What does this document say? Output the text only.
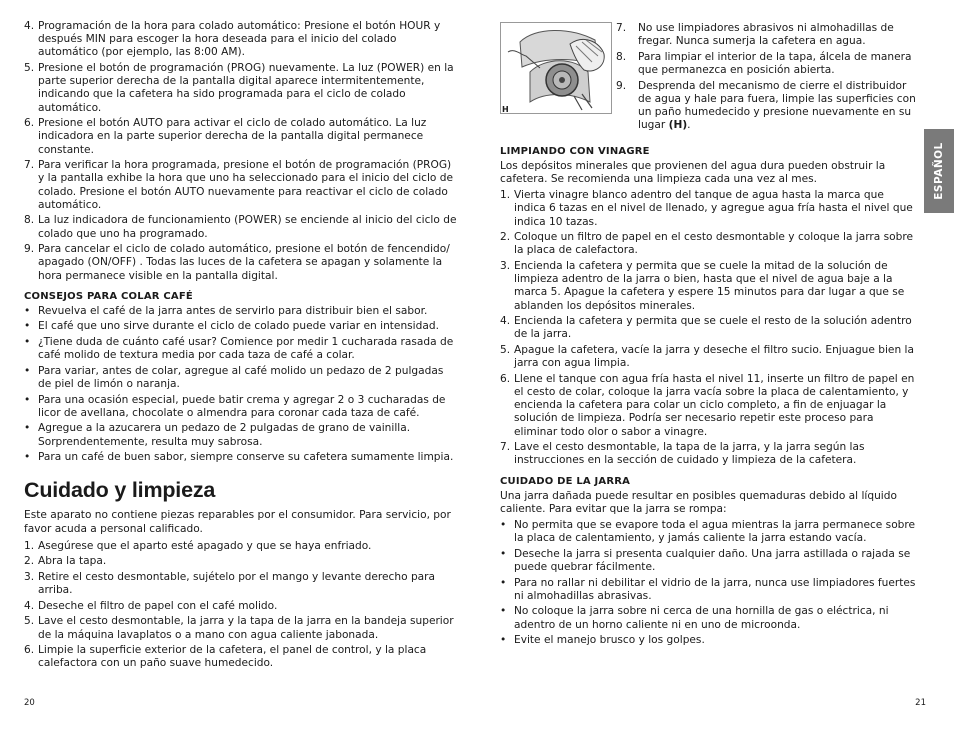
4. Programación de la hora para colado automático: Presione el botón HOUR y después MIN para escoger la hora deseada para el inicio del colado automático (por ejemplo, las 8:00 AM).
5. Presione el botón de programación (PROG) nuevamente. La luz (POWER) en la parte superior derecha de la pantalla digital aparece intermitentemente, indicando que la cafetera ha sido programada para el ciclo de colado automático.
6. Presione el botón AUTO para activar el ciclo de colado automático. La luz indicadora en la parte superior derecha de la pantalla digital permanece constante.
7. Para verificar la hora programada, presione el botón de programación (PROG) y la pantalla exhibe la hora que uno ha seleccionado para el inicio del ciclo de colado. Presione el botón AUTO nuevamente para reactivar el ciclo de colado automático.
8. La luz indicadora de funcionamiento (POWER) se enciende al inicio del ciclo de colado que uno ha programado.
9. Para cancelar el ciclo de colado automático, presione el botón de fencendido/ apagado (ON/OFF) . Todas las luces de la cafetera se apagan y solamente la hora permanece visible en la pantalla digital.
CONSEJOS PARA COLAR CAFÉ
• Revuelva el café de la jarra antes de servirlo para distribuir bien el sabor.
• El café que uno sirve durante el ciclo de colado puede variar en intensidad.
• ¿Tiene duda de cuánto café usar? Comience por medir 1 cucharada rasada de café molido de textura media por cada taza de café a colar.
• Para variar, antes de colar, agregue al café molido un pedazo de 2 pulgadas de piel de limón o naranja.
• Para una ocasión especial, puede batir crema y agregar 2 o 3 cucharadas de licor de avellana, chocolate o almendra para coronar cada taza de café.
• Agregue a la azucarera un pedazo de 2 pulgadas de grano de vainilla. Sorprendentemente, resulta muy sabrosa.
• Para un café de buen sabor, siempre conserve su cafetera sumamente limpia.
Cuidado y limpieza

Este aparato no contiene piezas reparables por el consumidor. Para servicio, por favor acuda a personal calificado.

1. Asegúrese que el aparto esté apagado y que se haya enfriado.
2. Abra la tapa.
3. Retire el cesto desmontable, sujételo por el mango y levante derecho para arriba.
4. Deseche el filtro de papel con el café molido.
5. Lave el cesto desmontable, la jarra y la tapa de la jarra en la bandeja superior de la máquina lavaplatos o a mano con agua caliente jabonada.
6. Limpie la superficie exterior de la cafetera, el panel de control, y la placa calefactora con un paño suave humedecido.
20
H
7. No use limpiadores abrasivos ni almohadillas de fregar. Nunca sumerja la cafetera en agua.
8. Para limpiar el interior de la tapa, álcela de manera que permanezca en posición abierta.
9. Desprenda del mecanismo de cierre el distribuidor de agua y hale para fuera, limpie las superficies con un paño humedecido y presione nuevamente en su lugar (H).
LIMPIANDO CON VINAGRE

Los depósitos minerales que provienen del agua dura pueden obstruir la cafetera. Se recomienda una limpieza cada una vez al mes.

1. Vierta vinagre blanco adentro del tanque de agua hasta la marca que indica 6 tazas en el nivel de llenado, y agregue agua fría hasta el nivel que indica 10 tazas.
2. Coloque un filtro de papel en el cesto desmontable y coloque la jarra sobre la placa de calefactora.
3. Encienda la cafetera y permita que se cuele la mitad de la solución de limpieza adentro de la jarra o bien, hasta que el nivel de agua baje a la marca 5. Apague la cafetera y espere 15 minutos para dar lugar a que se ablanden los depósitos minerales.
4. Encienda la cafetera y permita que se cuele el resto de la solución adentro de la jarra.
5. Apague la cafetera, vacíe la jarra y deseche el filtro sucio. Enjuague bien la jarra con agua limpia.
6. Llene el tanque con agua fría hasta el nivel 11, inserte un filtro de papel en el cesto de colar, coloque la jarra vacía sobre la placa de calentamiento, y encienda la cafetera para colar un ciclo completo, a fin de enjuagar la solución de limpieza. Podría ser necesario repetir este proceso para eliminar todo olor o sabor a vinagre.
7. Lave el cesto desmontable, la tapa de la jarra, y la jarra según las instrucciones en la sección de cuidado y limpieza de la cafetera.
CUIDADO DE LA JARRA

Una jarra dañada puede resultar en posibles quemaduras debido al líquido caliente. Para evitar que la jarra se rompa:

• No permita que se evapore toda el agua mientras la jarra permanece sobre la placa de calentamiento, y jamás caliente la jarra estando vacía.
• Deseche la jarra si presenta cualquier daño. Una jarra astillada o rajada se puede quebrar fácilmente.
• Para no rallar ni debilitar el vidrio de la jarra, nunca use limpiadores fuertes ni almohadillas abrasivas.
• No coloque la jarra sobre ni cerca de una hornilla de gas o eléctrica, ni adentro de un horno caliente ni en uno de microonda.
• Evite el manejo brusco y los golpes.
21
ESPAÑOL
